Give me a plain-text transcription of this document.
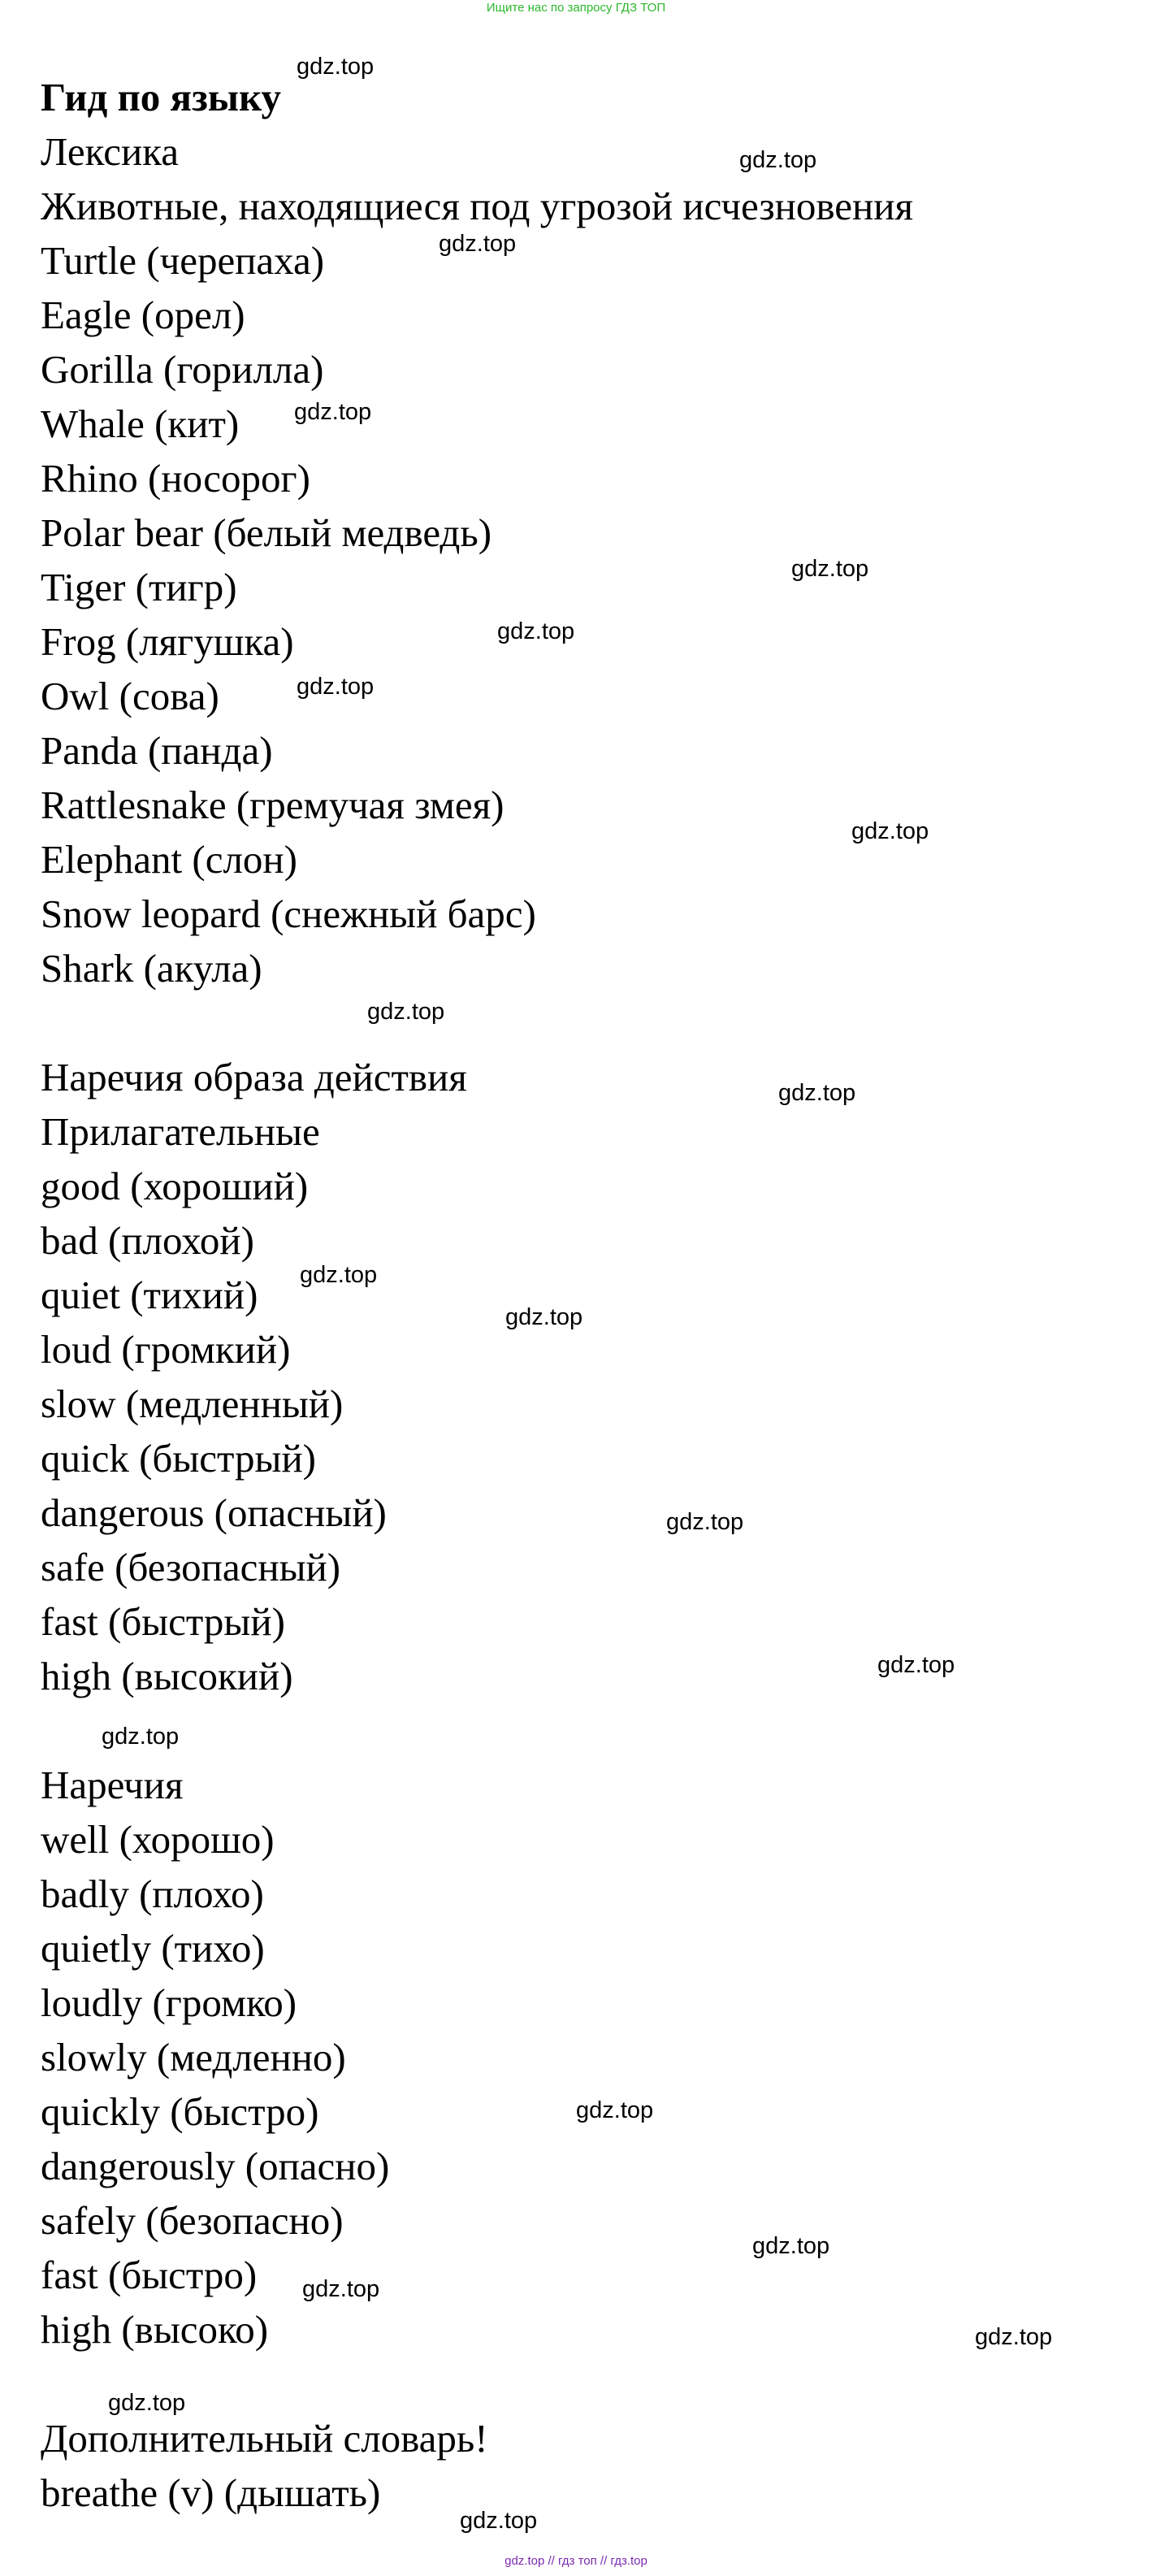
Ищите нас по запросу ГДЗ ТОП
Гид по языку
Лексика
Животные, находящиеся под угрозой исчезновения
Turtle (черепаха)
Eagle (орел)
Gorilla (горилла)
Whale (кит)
Rhino (носорог)
Polar bear (белый медведь)
Tiger (тигр)
Frog (лягушка)
Owl (сова)
Panda (панда)
Rattlesnake (гремучая змея)
Elephant (слон)
Snow leopard (снежный барс)
Shark (акула)
Наречия образа действия
Прилагательные
good (хороший)
bad (плохой)
quiet (тихий)
loud (громкий)
slow (медленный)
quick (быстрый)
dangerous (опасный)
safe (безопасный)
fast (быстрый)
high (высокий)
Наречия
well (хорошо)
badly (плохо)
quietly (тихо)
loudly (громко)
slowly (медленно)
quickly (быстро)
dangerously (опасно)
safely (безопасно)
fast (быстро)
high (высоко)
Дополнительный словарь!
breathe (v) (дышать)
gdz.top
gdz.top
gdz.top
gdz.top
gdz.top
gdz.top
gdz.top
gdz.top
gdz.top
gdz.top
gdz.top
gdz.top
gdz.top
gdz.top
gdz.top
gdz.top
gdz.top
gdz.top
gdz.top
gdz.top
gdz.top
gdz.top // гдз топ // гдз.top
